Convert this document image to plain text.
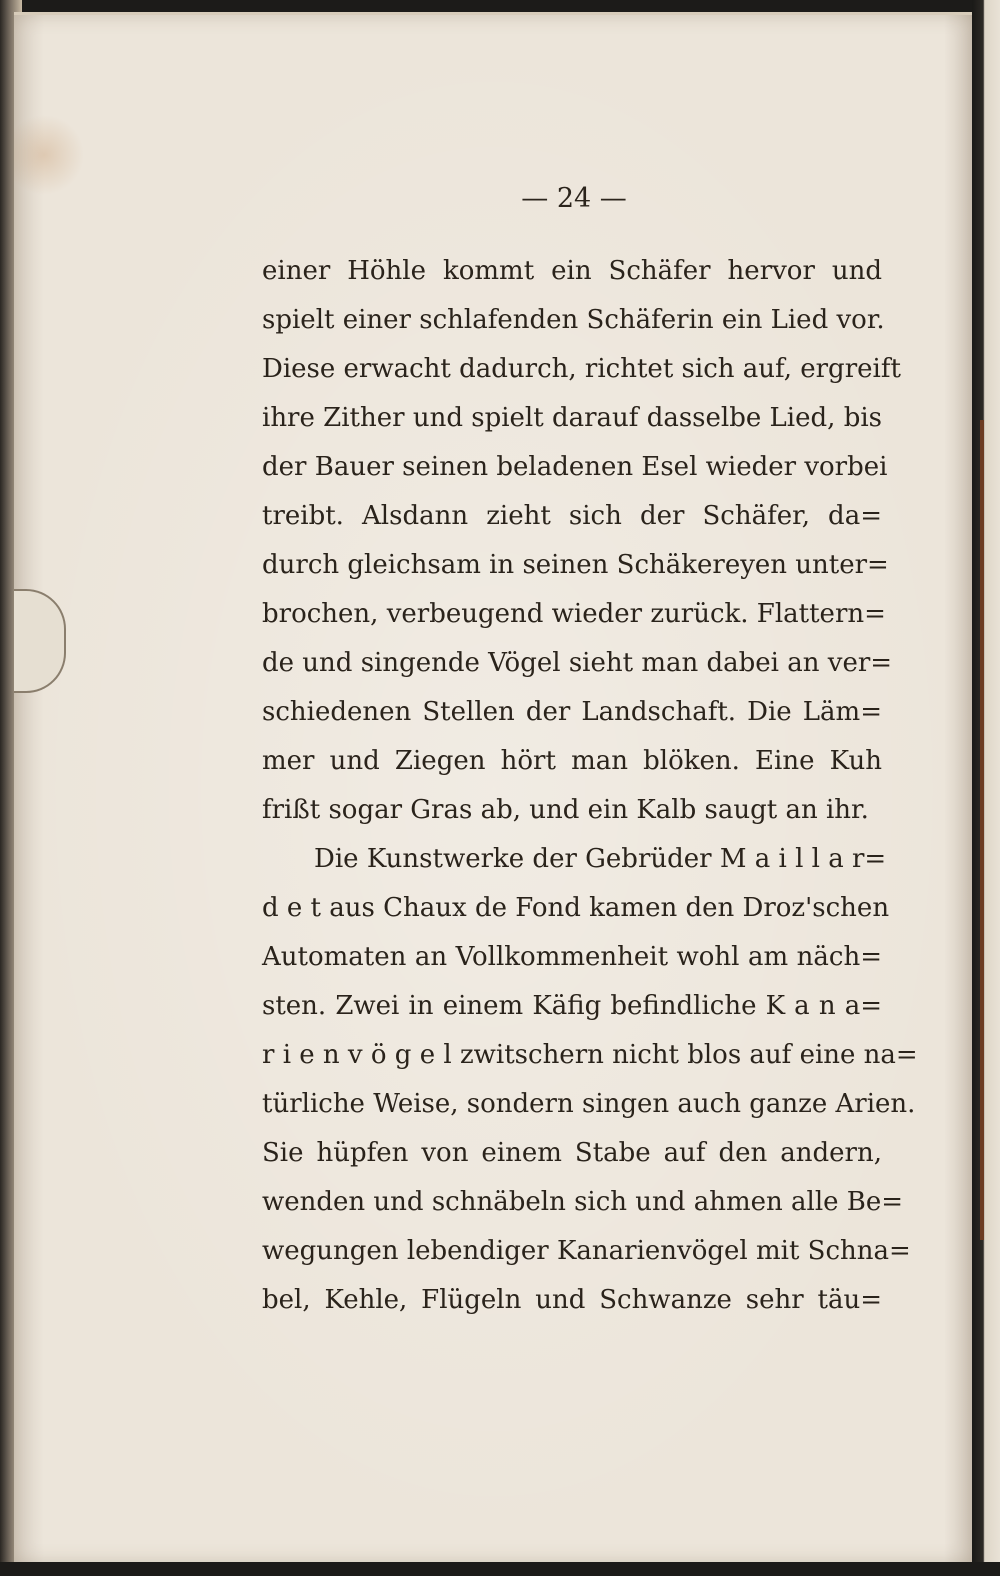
— 24 —
einer Höhle kommt ein Schäfer hervor und
spielt einer schlafenden Schäferin ein Lied vor.
Diese erwacht dadurch, richtet sich auf, ergreift
ihre Zither und spielt darauf dasselbe Lied, bis
der Bauer seinen beladenen Esel wieder vorbei
treibt. Alsdann zieht sich der Schäfer, da=
durch gleichsam in seinen Schäkereyen unter=
brochen, verbeugend wieder zurück. Flattern=
de und singende Vögel sieht man dabei an ver=
schiedenen Stellen der Landschaft. Die Läm=
mer und Ziegen hört man blöken. Eine Kuh
frißt sogar Gras ab, und ein Kalb saugt an ihr.
Die Kunstwerke der Gebrüder M a i l l a r=
d e t aus Chaux de Fond kamen den Droz'schen
Automaten an Vollkommenheit wohl am näch=
sten. Zwei in einem Käfig befindliche K a n a=
r i e n v ö g e l zwitschern nicht blos auf eine na=
türliche Weise, sondern singen auch ganze Arien.
Sie hüpfen von einem Stabe auf den andern,
wenden und schnäbeln sich und ahmen alle Be=
wegungen lebendiger Kanarienvögel mit Schna=
bel, Kehle, Flügeln und Schwanze sehr täu=
